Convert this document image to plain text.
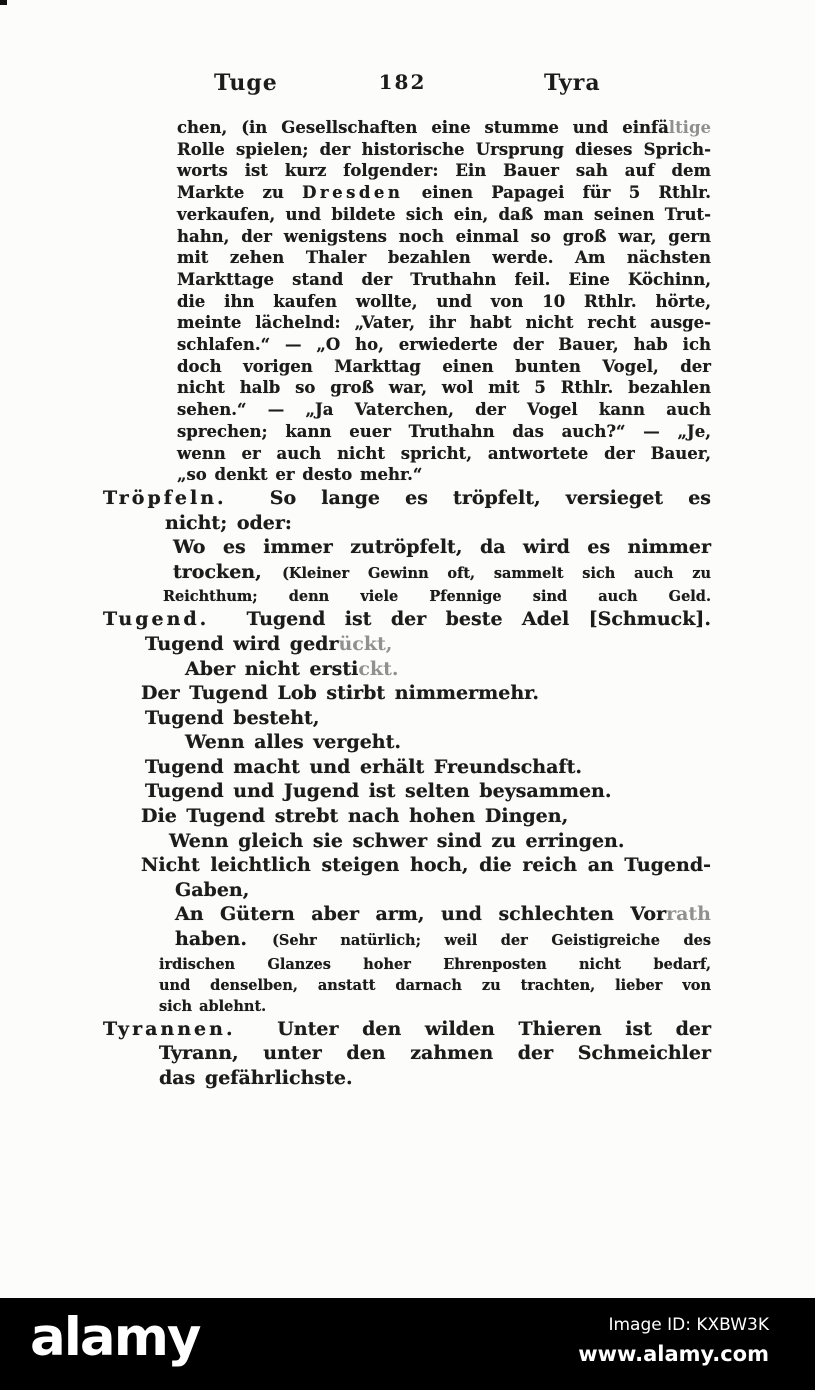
Tuge	182	Tyra
chen, (in Gesellschaften eine stumme und einfältige
Rolle spielen; der historische Ursprung dieses Sprich-
worts ist kurz folgender: Ein Bauer sah auf dem
Markte zu Dresden einen Papagei für 5 Rthlr.
verkaufen, und bildete sich ein, daß man seinen Trut-
hahn, der wenigstens noch einmal so groß war, gern
mit zehen Thaler bezahlen werde. Am nächsten
Markttage stand der Truthahn feil. Eine Köchinn,
die ihn kaufen wollte, und von 10 Rthlr. hörte,
meinte lächelnd: „Vater, ihr habt nicht recht ausge-
schlafen.“ — „O ho, erwiederte der Bauer, hab ich
doch vorigen Markttag einen bunten Vogel, der
nicht halb so groß war, wol mit 5 Rthlr. bezahlen
sehen.“ — „Ja Vaterchen, der Vogel kann auch
sprechen; kann euer Truthahn das auch?“ — „Je,
wenn er auch nicht spricht, antwortete der Bauer,
„so denkt er desto mehr.“
Tröpfeln. So lange es tröpfelt, versieget es
nicht; oder:
Wo es immer zutröpfelt, da wird es nimmer
trocken, (Kleiner Gewinn oft, sammelt sich auch zu
Reichthum; denn viele Pfennige sind auch Geld.
Tugend. Tugend ist der beste Adel [Schmuck].
Tugend wird gedrückt,
Aber nicht erstickt.
Der Tugend Lob stirbt nimmermehr.
Tugend besteht,
Wenn alles vergeht.
Tugend macht und erhält Freundschaft.
Tugend und Jugend ist selten beysammen.
Die Tugend strebt nach hohen Dingen,
Wenn gleich sie schwer sind zu erringen.
Nicht leichtlich steigen hoch, die reich an Tugend-
Gaben,
An Gütern aber arm, und schlechten Vorrath
haben. (Sehr natürlich; weil der Geistigreiche des
irdischen Glanzes hoher Ehrenposten nicht bedarf,
und denselben, anstatt darnach zu trachten, lieber von
sich ablehnt.
Tyrannen. Unter den wilden Thieren ist der
Tyrann, unter den zahmen der Schmeichler
das gefährlichste.
alamy	Image ID: KXBW3K
www.alamy.com
